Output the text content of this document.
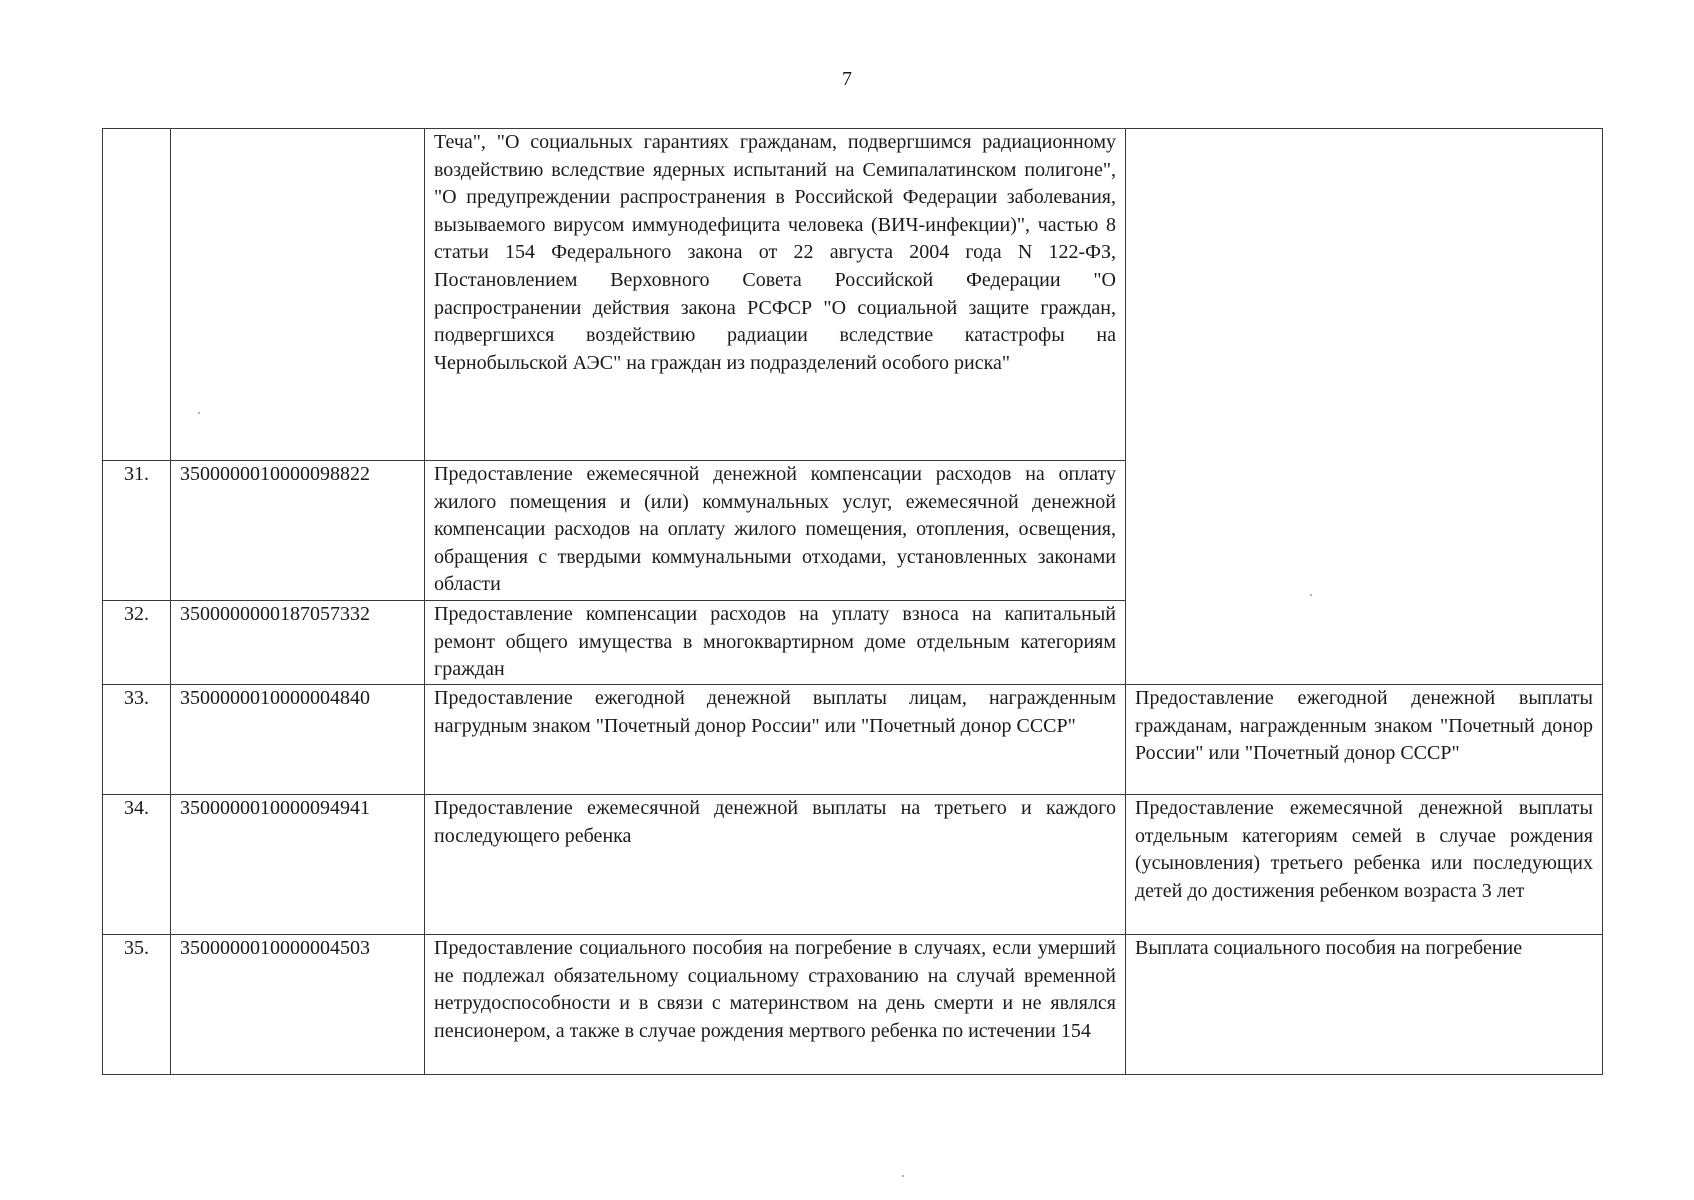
7
		Теча", "О социальных гарантиях гражданам, подвергшимся радиационному воздействию вследствие ядерных испытаний на Семипалатинском полигоне", "О предупреждении распространения в Российской Федерации заболевания, вызываемого вирусом иммунодефицита человека (ВИЧ-инфекции)", частью 8 статьи 154 Федерального закона от 22 августа 2004 года N 122-ФЗ, Постановлением Верховного Совета Российской Федерации "О распространении действия закона РСФСР "О социальной защите граждан, подвергшихся воздействию радиации вследствие катастрофы на Чернобыльской АЭС" на граждан из подразделений особого риска"	
31.	3500000010000098822	Предоставление ежемесячной денежной компенсации расходов на оплату жилого помещения и (или) коммунальных услуг, ежемесячной денежной компенсации расходов на оплату жилого помещения, отопления, освещения, обращения с твердыми коммунальными отходами, установленных законами области	
32.	3500000000187057332	Предоставление компенсации расходов на уплату взноса на капитальный ремонт общего имущества в многоквартирном доме отдельным категориям граждан	
33.	3500000010000004840	Предоставление ежегодной денежной выплаты лицам, награжденным нагрудным знаком "Почетный донор России" или "Почетный донор СССР"	Предоставление ежегодной денежной выплаты гражданам, награжденным знаком "Почетный донор России" или "Почетный донор СССР"
34.	3500000010000094941	Предоставление ежемесячной денежной выплаты на третьего и каждого последующего ребенка	Предоставление ежемесячной денежной выплаты отдельным категориям семей в случае рождения (усыновления) третьего ребенка или последующих детей до достижения ребенком возраста 3 лет
35.	3500000010000004503	Предоставление социального пособия на погребение в случаях, если умерший не подлежал обязательному социальному страхованию на случай временной нетрудоспособности и в связи с материнством на день смерти и не являлся пенсионером, а также в случае рождения мертвого ребенка по истечении 154	Выплата социального пособия на погребение
